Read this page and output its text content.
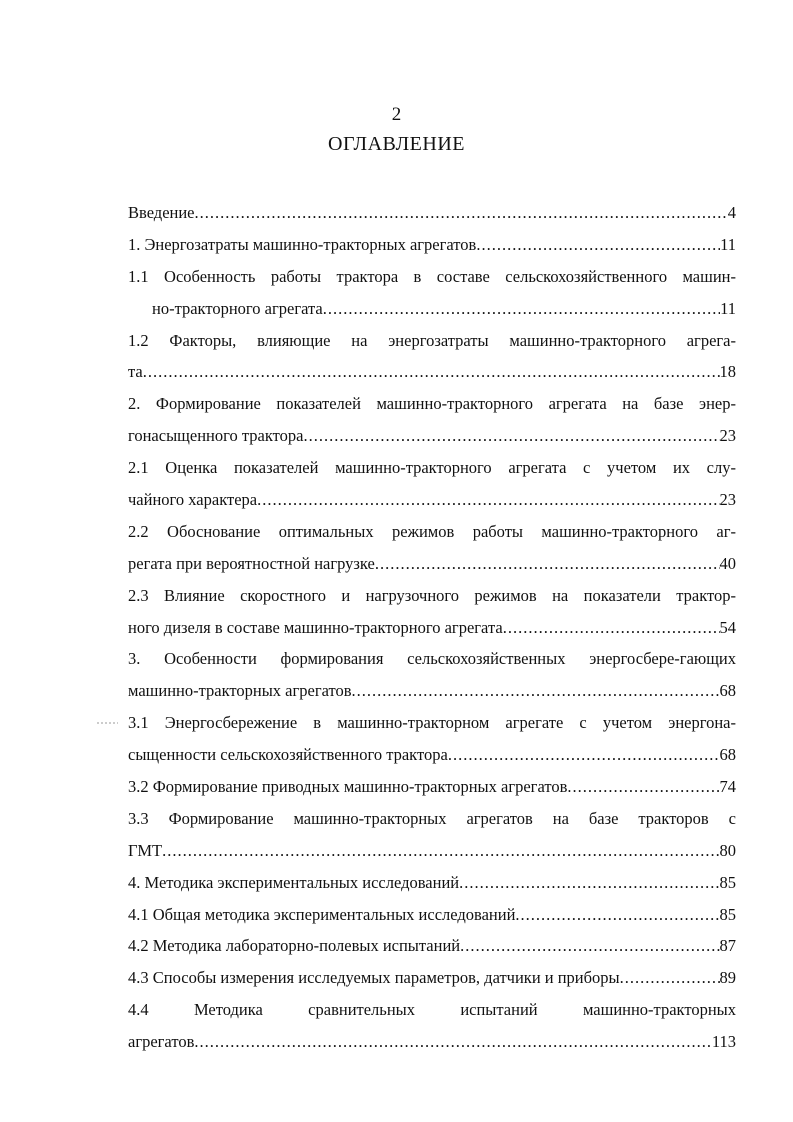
2
ОГЛАВЛЕНИЕ
Введение .....	4
1. Энергозатраты машинно-тракторных агрегатов .....	11
1.1 Особенность работы трактора в составе сельскохозяйственного машин-
но-тракторного агрегата .....	11
1.2 Факторы, влияющие на энергозатраты машинно-тракторного агрега-
та .....	18
2. Формирование показателей машинно-тракторного агрегата на базе энер-
гонасыщенного трактора .....	23
2.1 Оценка показателей машинно-тракторного агрегата с учетом их слу-
чайного характера .....	23
2.2 Обоснование оптимальных режимов работы машинно-тракторного аг-
регата при вероятностной нагрузке .....	40
2.3 Влияние скоростного и нагрузочного режимов на показатели трактор-
ного дизеля в составе машинно-тракторного агрегата .....	54
3. Особенности формирования сельскохозяйственных энергосбере-гающих
машинно-тракторных агрегатов .....	68
3.1 Энергосбережение в машинно-тракторном агрегате с учетом энергона-
сыщенности сельскохозяйственного трактора .....	68
3.2 Формирование приводных машинно-тракторных агрегатов .....	74
3.3 Формирование машинно-тракторных агрегатов на базе тракторов с
ГМТ .....	80
4. Методика экспериментальных исследований .....	85
4.1 Общая методика экспериментальных исследований .....	85
4.2 Методика лабораторно-полевых испытаний .....	87
4.3 Способы измерения исследуемых параметров, датчики и приборы .....	89
4.4 Методика сравнительных испытаний машинно-тракторных
агрегатов .....	113
